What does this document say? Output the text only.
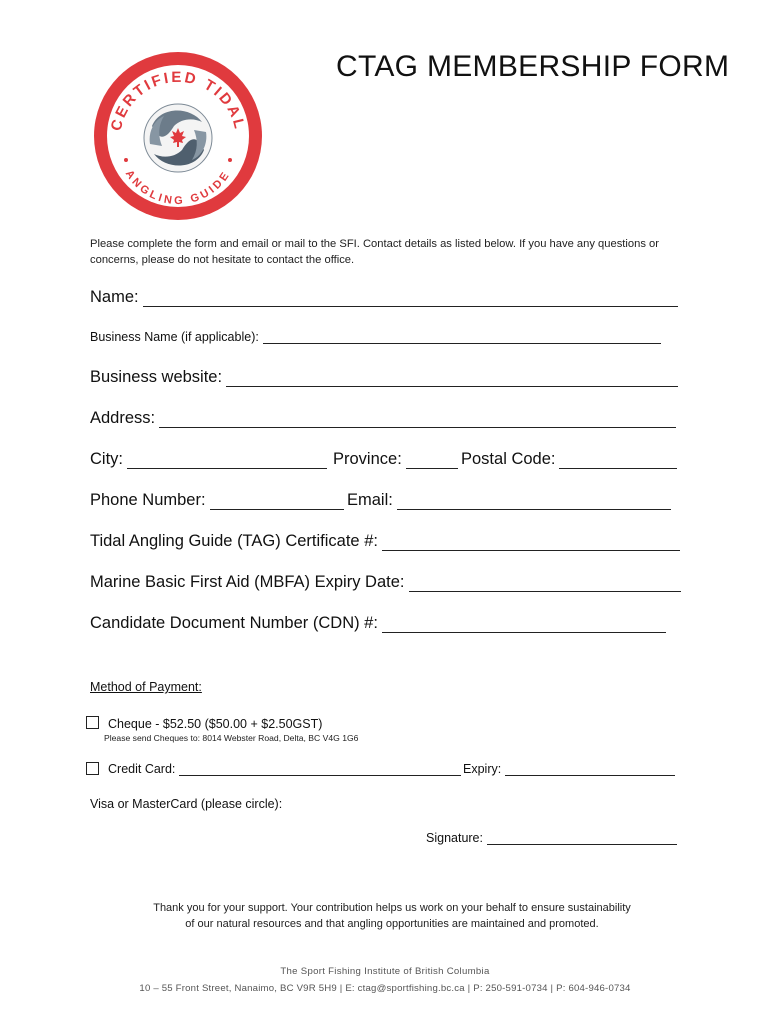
CERTIFIED TIDAL
ANGLING GUIDE
CTAG MEMBERSHIP FORM
Please complete the form and email or mail to the SFI. Contact details as listed below. If you have any questions or concerns, please do not hesitate to contact the office.
Name:
Business Name (if applicable):
Business website:
Address:
City:	Province:	Postal Code:
Phone Number:	Email:
Tidal Angling Guide (TAG) Certificate #:
Marine Basic First Aid (MBFA) Expiry Date:
Candidate Document Number (CDN) #:
Method of Payment:
Cheque - $52.50 ($50.00 + $2.50GST)
Please send Cheques to: 8014 Webster Road, Delta, BC V4G 1G6
Credit Card:	Expiry:
Visa or MasterCard (please circle):
Signature:
Thank you for your support. Your contribution helps us work on your behalf to ensure sustainability of our natural resources and that angling opportunities are maintained and promoted.
The Sport Fishing Institute of British Columbia
10 – 55 Front Street, Nanaimo, BC V9R 5H9 | E: ctag@sportfishing.bc.ca | P: 250-591-0734 | P: 604-946-0734
